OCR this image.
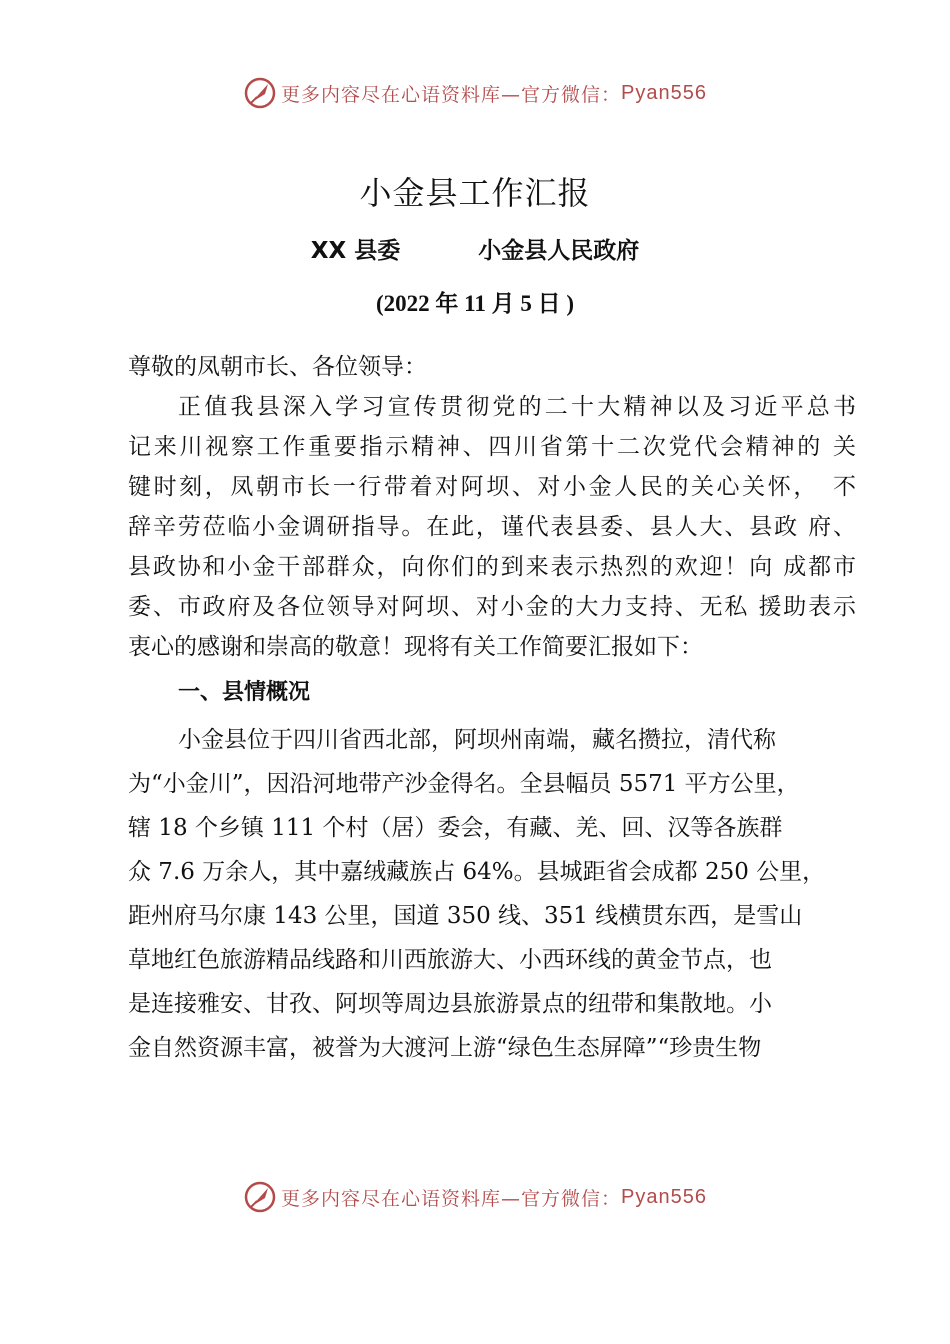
更多内容尽在心语资料库—官方微信： Pyan556
小金县工作汇报
XX 县委	小金县人民政府
(2022 年 11 月 5 日 )
尊敬的凤朝市长、各位领导：
正值我县深入学习宣传贯彻党的二十大精神以及习近平总书
记来川视察工作重要指示精神、四川省第十二次党代会精神的 关
键时刻，凤朝市长一行带着对阿坝、对小金人民的关心关怀，　不
辞辛劳莅临小金调研指导。在此，谨代表县委、县人大、县政 府、
县政协和小金干部群众，向你们的到来表示热烈的欢迎！向 成都市
委、市政府及各位领导对阿坝、对小金的大力支持、无私 援助表示
衷心的感谢和崇高的敬意！现将有关工作简要汇报如下：
一、县情概况
小金县位于四川省西北部，阿坝州南端，藏名攒拉，清代称
为“小金川”，因沿河地带产沙金得名。全县幅员 5571 平方公里，
辖 18 个乡镇 111 个村（居）委会，有藏、羌、回、汉等各族群
众 7.6 万余人，其中嘉绒藏族占 64%。县城距省会成都 250 公里，
距州府马尔康 143 公里，国道 350 线、351 线横贯东西，是雪山
草地红色旅游精品线路和川西旅游大、小西环线的黄金节点，也
是连接雅安、甘孜、阿坝等周边县旅游景点的纽带和集散地。小
金自然资源丰富，被誉为大渡河上游“绿色生态屏障”“珍贵生物
更多内容尽在心语资料库—官方微信： Pyan556
